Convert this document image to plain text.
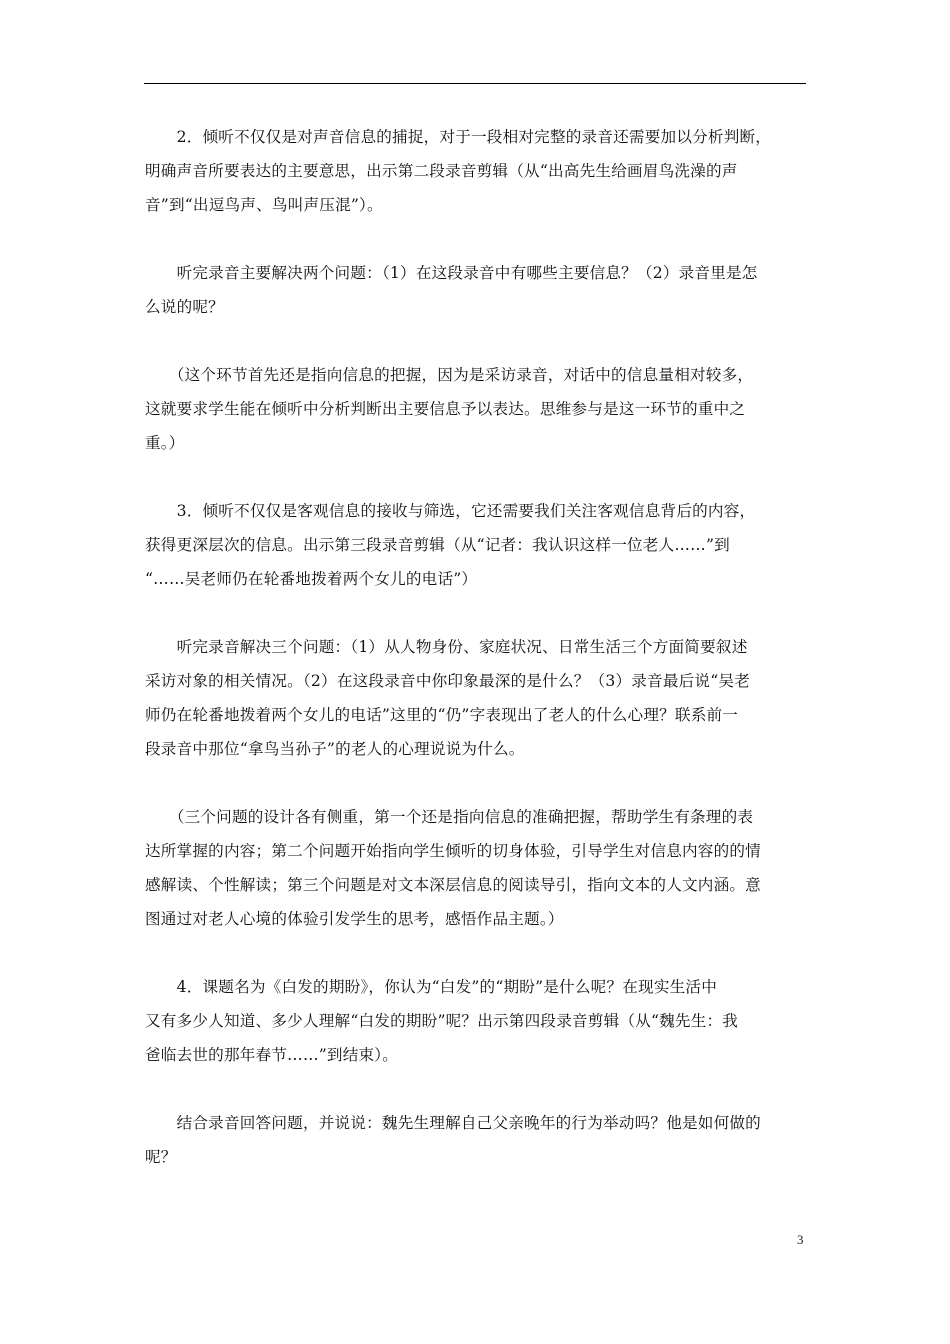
　　2．倾听不仅仅是对声音信息的捕捉，对于一段相对完整的录音还需要加以分析判断，
明确声音所要表达的主要意思，出示第二段录音剪辑（从“出高先生给画眉鸟洗澡的声
音”到“出逗鸟声、鸟叫声压混”）。

　　听完录音主要解决两个问题：（1）在这段录音中有哪些主要信息？（2）录音里是怎
么说的呢？

　　（这个环节首先还是指向信息的把握，因为是采访录音，对话中的信息量相对较多，
这就要求学生能在倾听中分析判断出主要信息予以表达。思维参与是这一环节的重中之
重。）

　　3．倾听不仅仅是客观信息的接收与筛选，它还需要我们关注客观信息背后的内容，
获得更深层次的信息。出示第三段录音剪辑（从“记者：我认识这样一位老人……”到
“……吴老师仍在轮番地拨着两个女儿的电话”）

　　听完录音解决三个问题：（1）从人物身份、家庭状况、日常生活三个方面简要叙述
采访对象的相关情况。（2）在这段录音中你印象最深的是什么？（3）录音最后说“吴老
师仍在轮番地拨着两个女儿的电话”这里的“仍”字表现出了老人的什么心理？联系前一
段录音中那位“拿鸟当孙子”的老人的心理说说为什么。

　　（三个问题的设计各有侧重，第一个还是指向信息的准确把握，帮助学生有条理的表
达所掌握的内容；第二个问题开始指向学生倾听的切身体验，引导学生对信息内容的的情
感解读、个性解读；第三个问题是对文本深层信息的阅读导引，指向文本的人文内涵。意
图通过对老人心境的体验引发学生的思考，感悟作品主题。）

　　4．课题名为《白发的期盼》，你认为“白发”的“期盼”是什么呢？在现实生活中
又有多少人知道、多少人理解“白发的期盼”呢？出示第四段录音剪辑（从“魏先生：我
爸临去世的那年春节……”到结束）。

　　结合录音回答问题，并说说：魏先生理解自己父亲晚年的行为举动吗？他是如何做的
呢？

3
